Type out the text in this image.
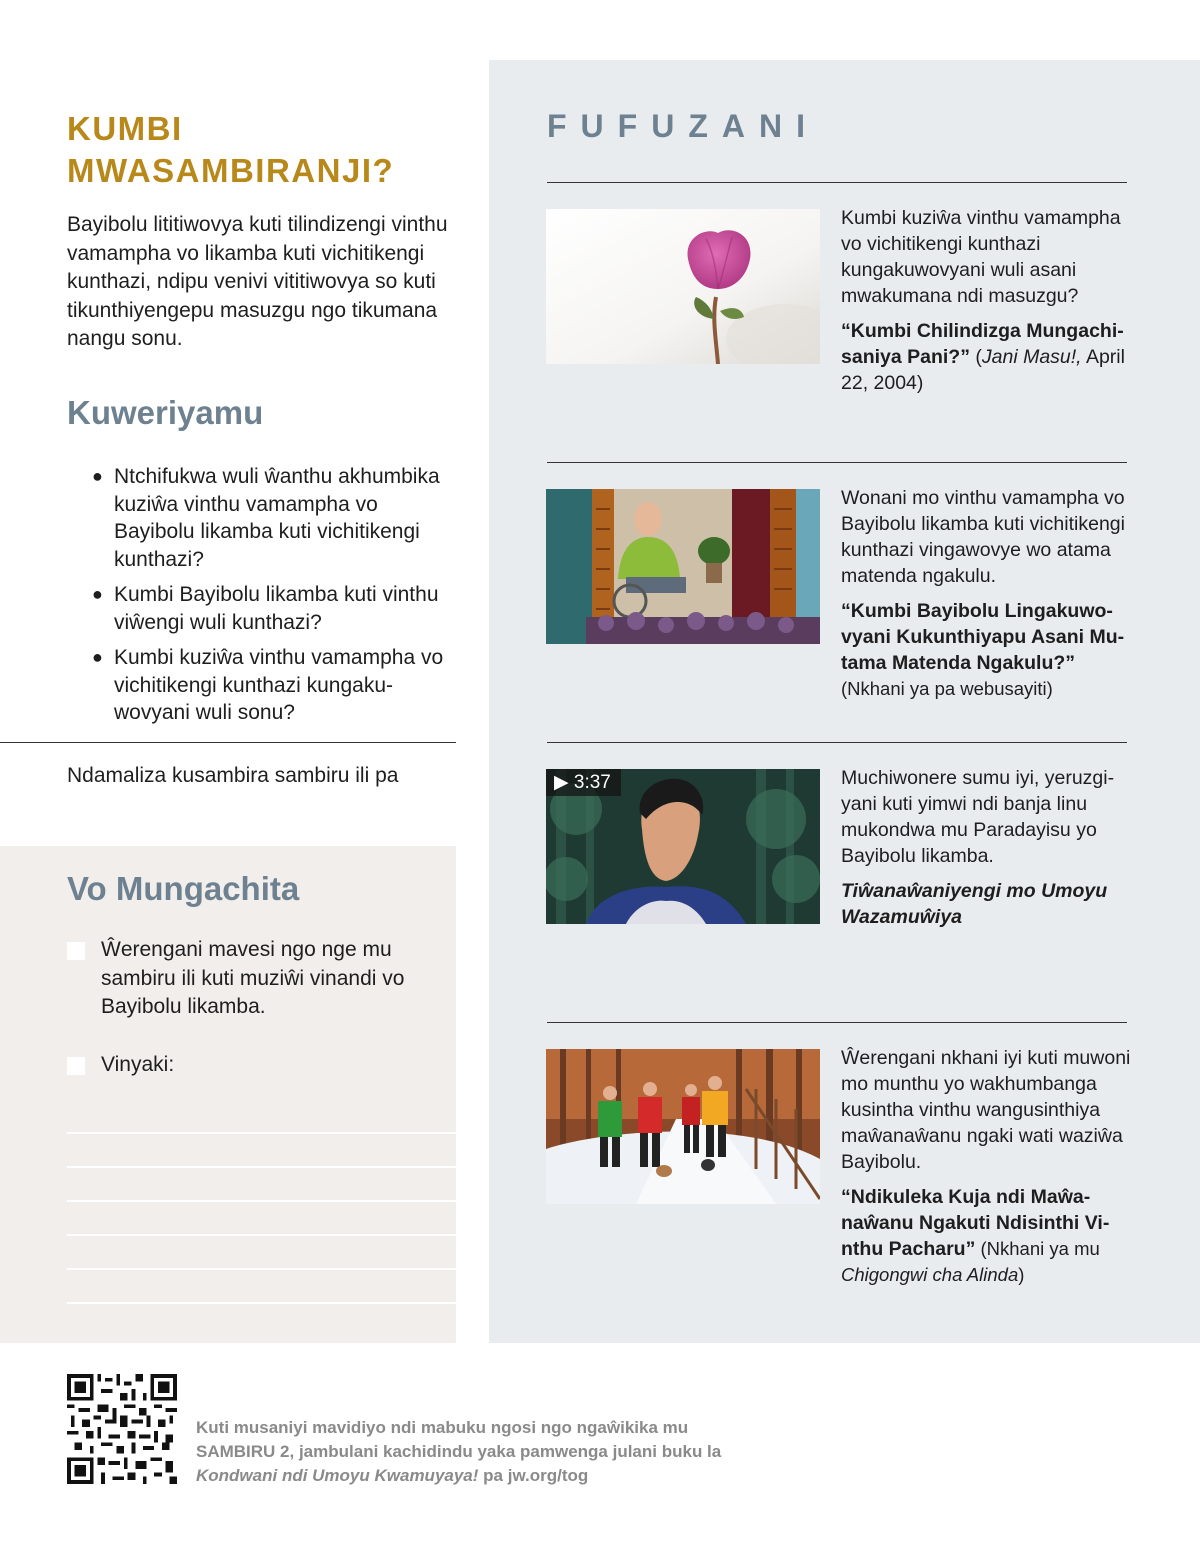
KUMBI MWASAMBIRANJI?

Bayibolu lititiwovya kuti tilindizengi vinthu vamampha vo likamba kuti vichitikengi kunthazi, ndipu venivi vititiwovya so kuti tikunthiyengepu masuzgu ngo tikumana nangu sonu.

Kuweriyamu
● Ntchifukwa wuli ŵanthu akhumbika kuziŵa vinthu vamampha vo Bayibolu likamba kuti vichitikengi kunthazi?
● Kumbi Bayibolu likamba kuti vinthu viŵengi wuli kunthazi?
● Kumbi kuziŵa vinthu vamampha vo vichitikengi kunthazi kungakuwovyani wuli sonu?

Ndamaliza kusambira sambiru ili pa

Vo Mungachita
Ŵerengani mavesi ngo nge mu sambiru ili kuti muziŵi vinandi vo Bayibolu likamba.
Vinyaki:
FUFUZANI

Kumbi kuziŵa vinthu vamampha vo vichitikengi kunthazi kungakuwovyani wuli asani mwakumana ndi masuzgu?

“Kumbi Chilindizga Mungachisaniya Pani?” (Jani Masu!, April 22, 2004)

Wonani mo vinthu vamampha vo Bayibolu likamba kuti vichitikengi kunthazi vingawovye wo atama matenda ngakulu.

“Kumbi Bayibolu Lingakuwovyani Kukunthiyapu Asani Mutama Matenda Ngakulu?”
(Nkhani ya pa webusayiti)

▶ 3:37	Muchiwonere sumu iyi, yeruzgiyani kuti yimwi ndi banja linu mukondwa mu Paradayisu yo Bayibolu likamba.

Tiŵanaŵaniyengi mo Umoyu Wazamuŵiya

Ŵerengani nkhani iyi kuti muwoni mo munthu yo wakhumbanga kusintha vinthu wangusinthiya maŵanaŵanu ngaki wati waziŵa Bayibolu.

“Ndikuleka Kuja ndi Maŵanaŵanu Ngakuti Ndisinthi Vinthu Pacharu” (Nkhani ya mu Chigongwi cha Alinda)

Kuti musaniyi mavidiyo ndi mabuku ngosi ngo ngaŵikika mu SAMBIRU 2, jambulani kachidindu yaka pamwenga julani buku la Kondwani ndi Umoyu Kwamuyaya! pa jw.org/tog
